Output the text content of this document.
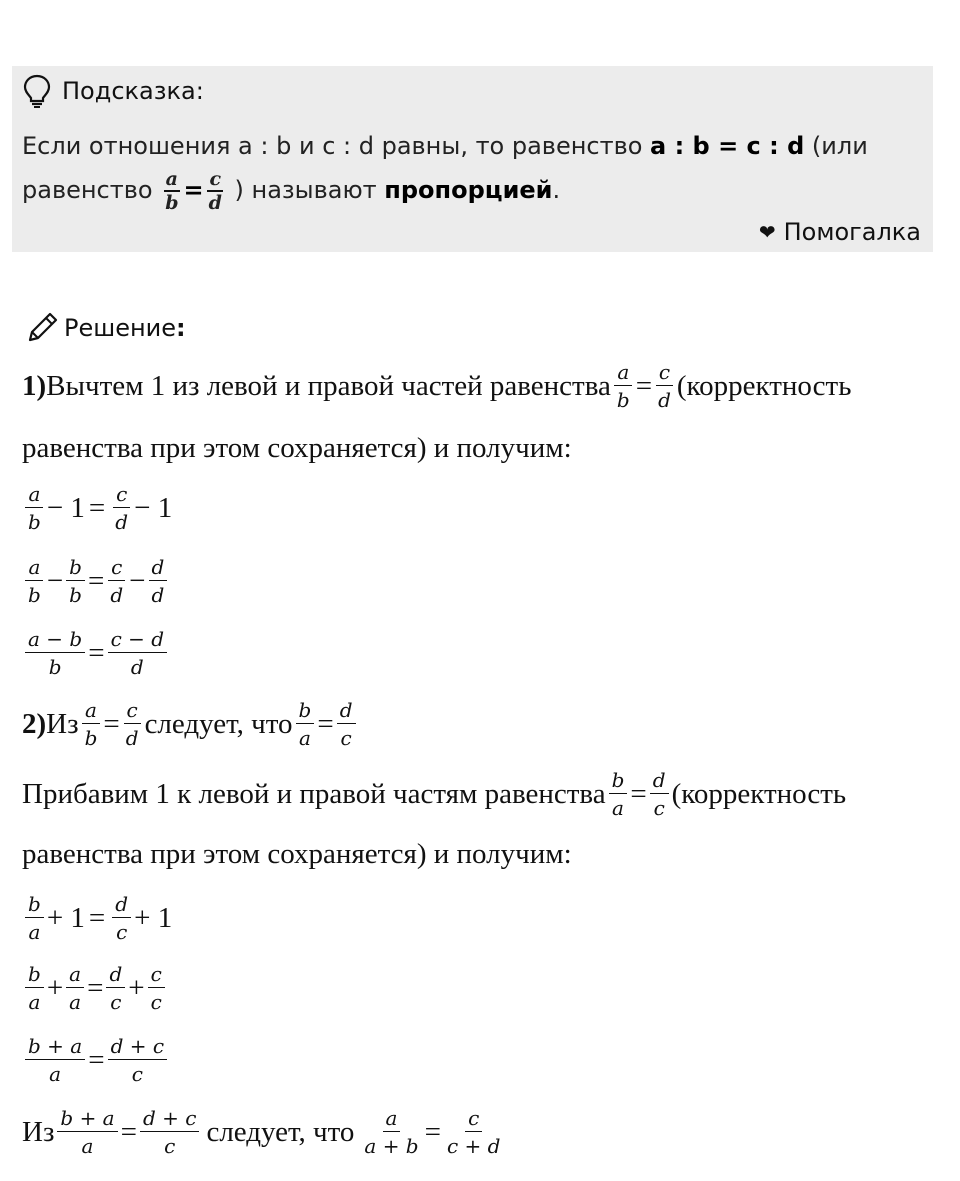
Подсказка:
Если отношения a : b и c : d равны, то равенство a : b = c : d (или
равенство $\frac{a}{b} = \frac{c}{d}$ ) называют пропорцией.
❤ Помогалка
Решение :
1) Вычтем 1 из левой и правой частей равенства $\frac{a}{b} = \frac{c}{d}$ (корректность
равенства при этом сохраняется) и получим:
$\frac{a}{b} - 1 = \frac{c}{d} - 1$
$\frac{a}{b} - \frac{b}{b} = \frac{c}{d} - \frac{d}{d}$
$\frac{a - b}{b} = \frac{c - d}{d}$
2) Из $\frac{a}{b} = \frac{c}{d}$ следует, что $\frac{b}{a} = \frac{d}{c}$
Прибавим 1 к левой и правой частям равенства $\frac{b}{a} = \frac{d}{c}$ (корректность
равенства при этом сохраняется) и получим:
$\frac{b}{a} + 1 = \frac{d}{c} + 1$
$\frac{b}{a} + \frac{a}{a} = \frac{d}{c} + \frac{c}{c}$
$\frac{b + a}{a} = \frac{d + c}{c}$
Из $\frac{b + a}{a} = \frac{d + c}{c}$ следует, что $\frac{a}{a + b} = \frac{c}{c + d}$
